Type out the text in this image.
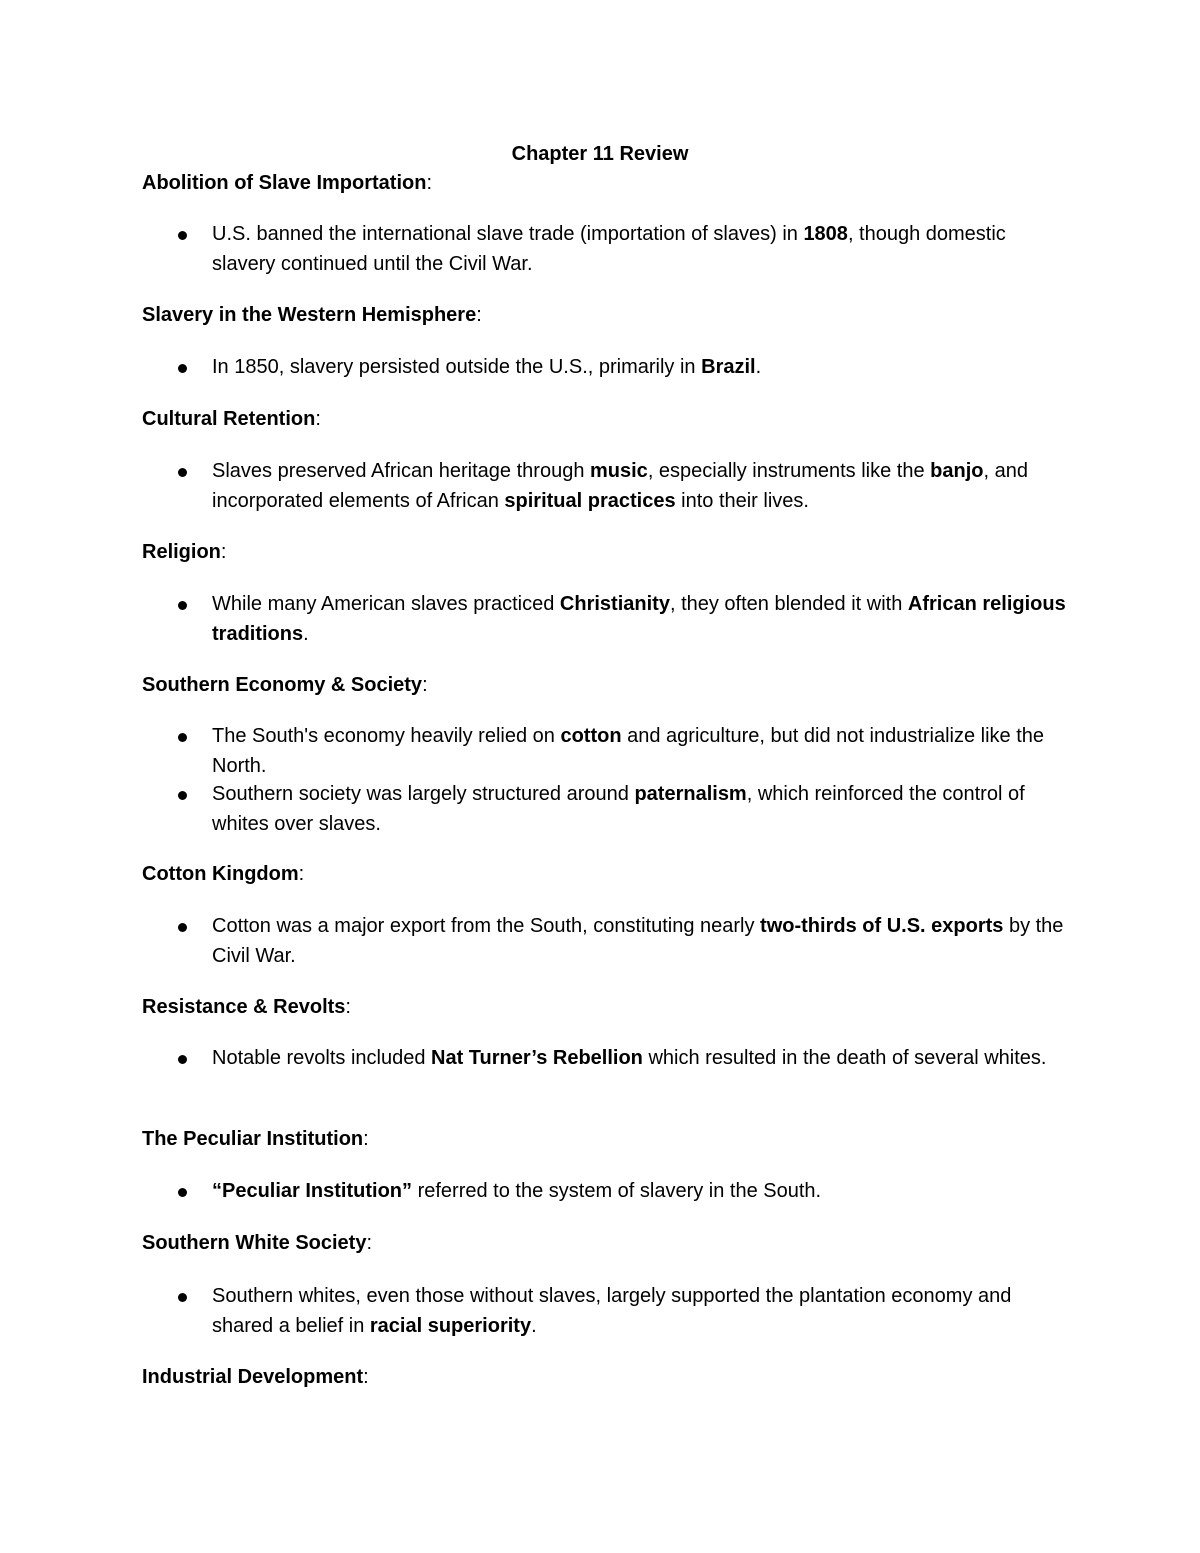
Chapter 11 Review

Abolition of Slave Importation:

U.S. banned the international slave trade (importation of slaves) in 1808, though domestic slavery continued until the Civil War.

Slavery in the Western Hemisphere:

In 1850, slavery persisted outside the U.S., primarily in Brazil.

Cultural Retention:

Slaves preserved African heritage through music, especially instruments like the banjo, and incorporated elements of African spiritual practices into their lives.

Religion:

While many American slaves practiced Christianity, they often blended it with African religious traditions.

Southern Economy & Society:

The South's economy heavily relied on cotton and agriculture, but did not industrialize like the North.

Southern society was largely structured around paternalism, which reinforced the control of whites over slaves.

Cotton Kingdom:

Cotton was a major export from the South, constituting nearly two-thirds of U.S. exports by the Civil War.

Resistance & Revolts:

Notable revolts included Nat Turner’s Rebellion which resulted in the death of several whites.

The Peculiar Institution:

“Peculiar Institution” referred to the system of slavery in the South.

Southern White Society:

Southern whites, even those without slaves, largely supported the plantation economy and shared a belief in racial superiority.

Industrial Development:
